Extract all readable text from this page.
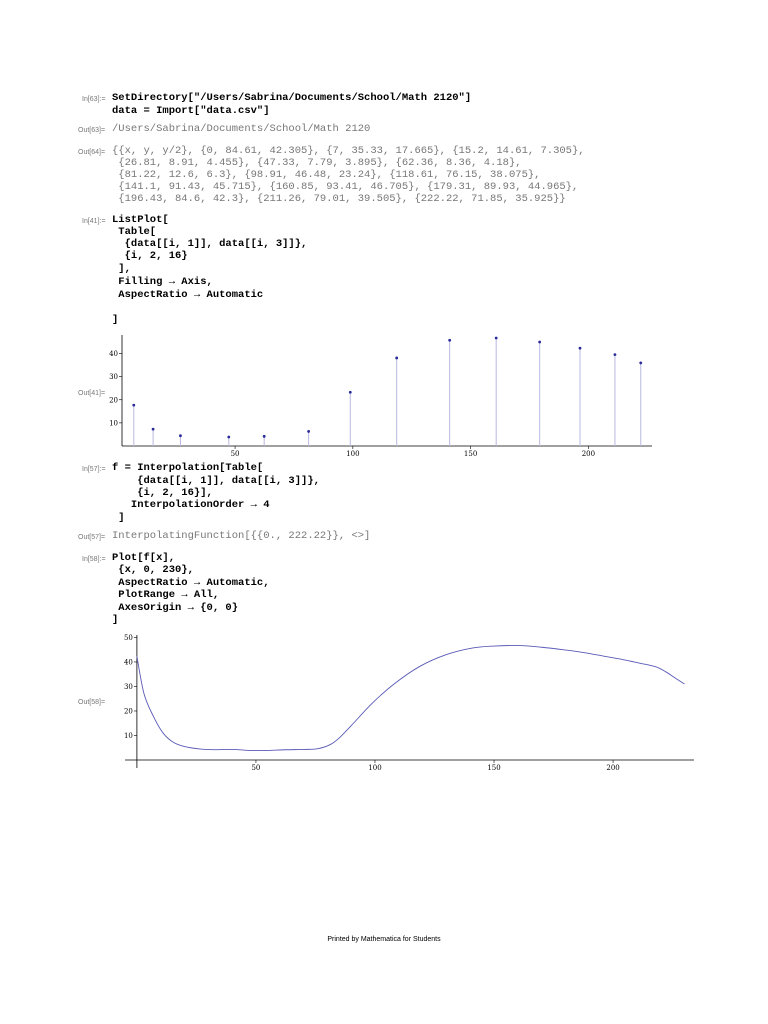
In[63]:= SetDirectory["/Users/Sabrina/Documents/School/Math 2120"]
data = Import["data.csv"]
Out[63]= /Users/Sabrina/Documents/School/Math 2120
Out[64]= {{x, y, y/2}, {0, 84.61, 42.305}, {7, 35.33, 17.665}, {15.2, 14.61, 7.305},
{26.81, 8.91, 4.455}, {47.33, 7.79, 3.895}, {62.36, 8.36, 4.18},
{81.22, 12.6, 6.3}, {98.91, 46.48, 23.24}, {118.61, 76.15, 38.075},
{141.1, 91.43, 45.715}, {160.85, 93.41, 46.705}, {179.31, 89.93, 44.965},
{196.43, 84.6, 42.3}, {211.26, 79.01, 39.505}, {222.22, 71.85, 35.925}}
In[41]:= ListPlot[
Table[
{data[[i, 1]], data[[i, 3]]},
{i, 2, 16}
],
Filling → Axis,
AspectRatio → Automatic
]
Out[41]=
50	100	150	200
10
20
30
40
In[57]:= f = Interpolation[Table[
{data[[i, 1]], data[[i, 3]]},
{i, 2, 16}],
InterpolationOrder → 4
]
Out[57]= InterpolatingFunction[{{0., 222.22}}, <>]
In[58]:= Plot[f[x],
{x, 0, 230},
AspectRatio → Automatic,
PlotRange → All,
AxesOrigin → {0, 0}
]
Out[58]=
50	100	150	200
10
20
30
40
50
Printed by Mathematica for Students
